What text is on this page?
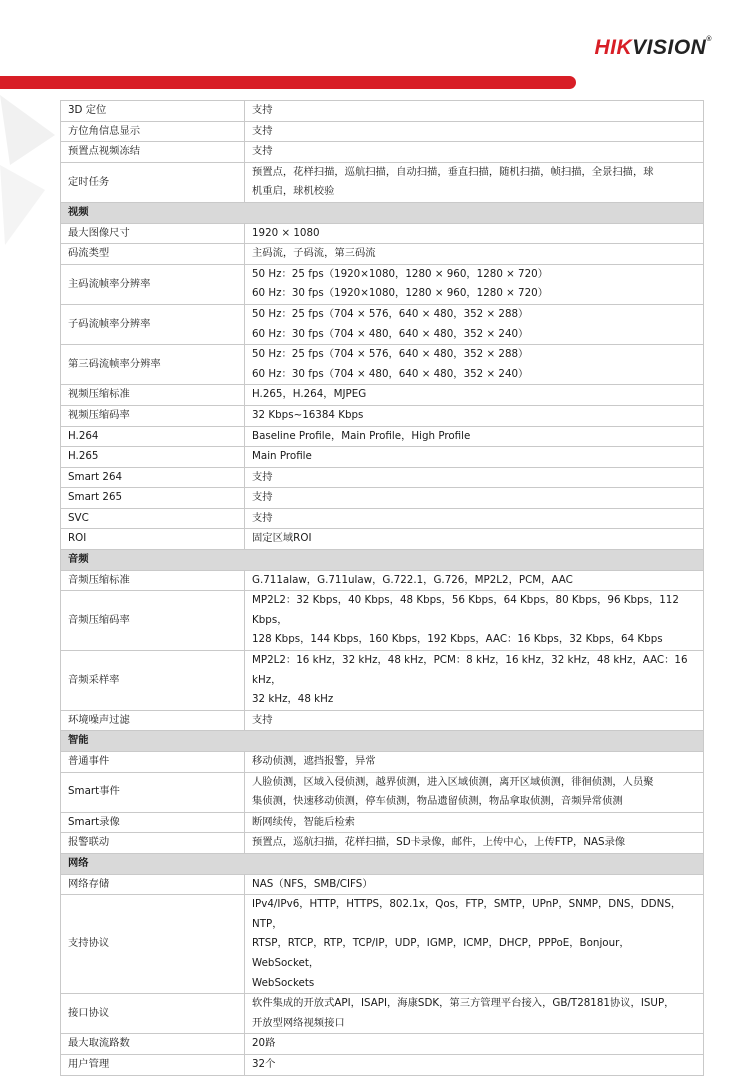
HIKVISION®
3D 定位	支持

方位角信息显示	支持

预置点视频冻结	支持

定时任务	预置点，花样扫描，巡航扫描，自动扫描，垂直扫描，随机扫描，帧扫描，全景扫描，球
机重启，球机校验

视频	
最大图像尺寸	1920 × 1080

码流类型	主码流，子码流，第三码流

主码流帧率分辨率	50 Hz：25 fps（1920×1080，1280 × 960，1280 × 720）
60 Hz：30 fps（1920×1080，1280 × 960，1280 × 720）

子码流帧率分辨率	50 Hz：25 fps（704 × 576，640 × 480，352 × 288）
60 Hz：30 fps（704 × 480，640 × 480，352 × 240）

第三码流帧率分辨率	50 Hz：25 fps（704 × 576，640 × 480，352 × 288）
60 Hz：30 fps（704 × 480，640 × 480，352 × 240）

视频压缩标准	H.265，H.264，MJPEG

视频压缩码率	32 Kbps~16384 Kbps

H.264	Baseline Profile，Main Profile，High Profile

H.265	Main Profile

Smart 264	支持

Smart 265	支持

SVC	支持

ROI	固定区域ROI

音频	
音频压缩标准	G.711alaw，G.711ulaw，G.722.1，G.726，MP2L2，PCM，AAC

音频压缩码率	MP2L2：32 Kbps，40 Kbps，48 Kbps，56 Kbps，64 Kbps，80 Kbps，96 Kbps，112 Kbps，
128 Kbps，144 Kbps，160 Kbps，192 Kbps，AAC：16 Kbps，32 Kbps，64 Kbps

音频采样率	MP2L2：16 kHz，32 kHz，48 kHz，PCM：8 kHz，16 kHz，32 kHz，48 kHz，AAC：16 kHz，
32 kHz，48 kHz

环境噪声过滤	支持

智能	
普通事件	移动侦测，遮挡报警，异常

Smart事件	人脸侦测，区域入侵侦测，越界侦测，进入区域侦测，离开区域侦测，徘徊侦测，人员聚
集侦测，快速移动侦测，停车侦测，物品遗留侦测，物品拿取侦测，音频异常侦测

Smart录像	断网续传，智能后检索

报警联动	预置点，巡航扫描，花样扫描，SD卡录像，邮件，上传中心，上传FTP，NAS录像

网络	
网络存储	NAS（NFS，SMB/CIFS）

支持协议	IPv4/IPv6，HTTP，HTTPS，802.1x，Qos，FTP，SMTP，UPnP，SNMP，DNS，DDNS，NTP，
RTSP，RTCP，RTP，TCP/IP，UDP，IGMP，ICMP，DHCP，PPPoE，Bonjour，WebSocket，
WebSockets

接口协议	软件集成的开放式API，ISAPI，海康SDK，第三方管理平台接入，GB/T28181协议，ISUP，
开放型网络视频接口

最大取流路数	20路

用户管理	32个
